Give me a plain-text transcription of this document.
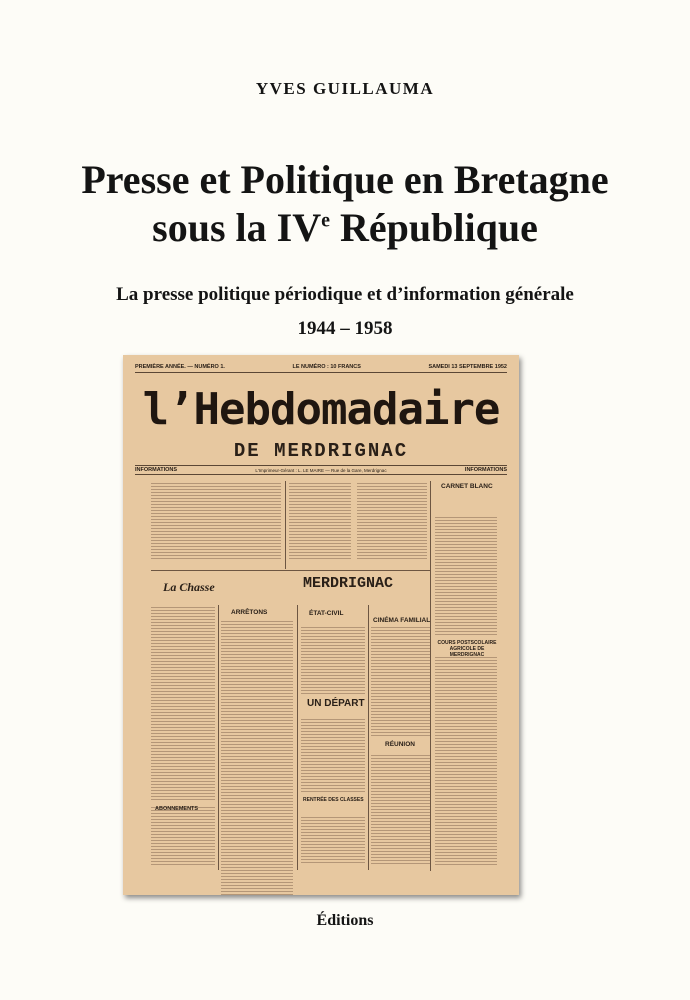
YVES GUILLAUMA
Presse et Politique en Bretagne
sous la IVe République
La presse politique périodique et d’information générale
1944 – 1958
PREMIÈRE ANNÉE. — NUMÉRO 1.	LE NUMÉRO : 10 FRANCS	SAMEDI 13 SEPTEMBRE 1952
l’Hebdomadaire
DE MERDRIGNAC
INFORMATIONS	L'Imprimeur-Gérant : L. LE MAIRE — Rue de la Gare, Merdrignac	INFORMATIONS
La Chasse	MERDRIGNAC
ÉTAT-CIVIL
CINÉMA FAMILIAL
CARNET BLANC
COURS POSTSCOLAIRE AGRICOLE DE MERDRIGNAC
ARRÊTONS
RÉUNION
ABONNEMENTS
RENTRÉE DES CLASSES
UN DÉPART
Éditions
